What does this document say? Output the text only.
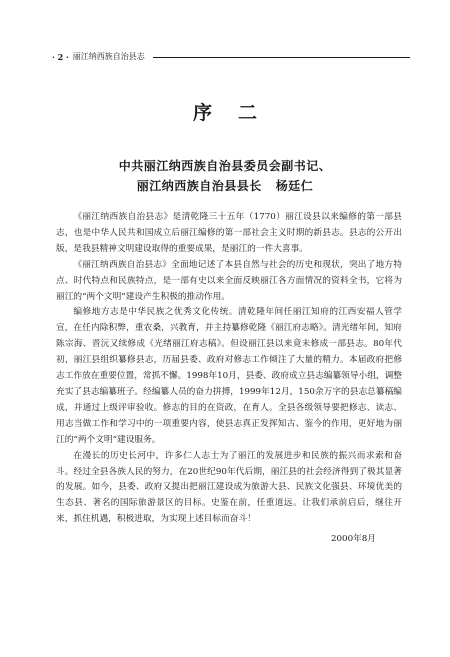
· 2 · 丽江纳西族自治县志
序二
中共丽江纳西族自治县委员会副书记、
丽江纳西族自治县县长 杨廷仁

《丽江纳西族自治县志》是清乾隆三十五年（1770）丽江设县以来编修的第一部县志，也是中华人民共和国成立后丽江编修的第一部社会主义时期的新县志。县志的公开出版，是我县精神文明建设取得的重要成果，是丽江的一件大喜事。

《丽江纳西族自治县志》全面地记述了本县自然与社会的历史和现状，突出了地方特点、时代特点和民族特点，是一部有史以来全面反映丽江各方面情况的资料全书，它将为丽江的“两个文明”建设产生积极的推动作用。

编修地方志是中华民族之优秀文化传统。清乾隆年间任丽江知府的江西安福人管学宣，在任内除积弊，重农桑，兴教育，并主持纂修乾隆《丽江府志略》。清光绪年间，知府陈宗海、晋沅又续修成《光绪丽江府志稿》。但设丽江县以来竟未修成一部县志。80年代初，丽江县组织纂修县志，历届县委、政府对修志工作倾注了大量的精力。本届政府把修志工作放在重要位置，常抓不懈。1998年10月，县委、政府成立县志编纂领导小组，调整充实了县志编纂班子。经编纂人员的奋力拼搏，1999年12月，150余万字的县志总纂稿编成，并通过上级评审验收。修志的目的在资政，在育人。全县各级领导要把修志、读志、用志当做工作和学习中的一项重要内容，使县志真正发挥知古、鉴今的作用，更好地为丽江的“两个文明”建设服务。

在漫长的历史长河中，许多仁人志士为了丽江的发展进步和民族的振兴而求索和奋斗。经过全县各族人民的努力，在20世纪90年代后期，丽江县的社会经济得到了极其显著的发展。如今，县委、政府又提出把丽江建设成为旅游大县、民族文化强县、环境优美的生态县、著名的国际旅游景区的目标。史鉴在前，任重道远。让我们承前启后，继往开来，抓住机遇，积极进取，为实现上述目标而奋斗！

2000年8月
